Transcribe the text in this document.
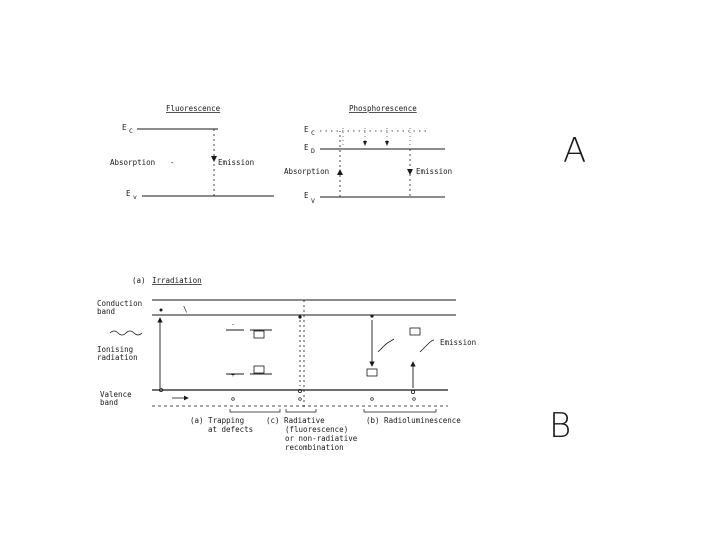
Fluorescence
E C
Absorption -	Emission
E v
Phosphorescence
E C
E D
Absorption	Emission
E
V
A
(a) Irradiation
Conduction
band
Ionising
radiation
Valence
band
\
-
+
Emission
(a) Trapping
at defects
(c) Radiative
(fluorescence)
or non-radiative
recombination
(b) Radioluminescence	B
